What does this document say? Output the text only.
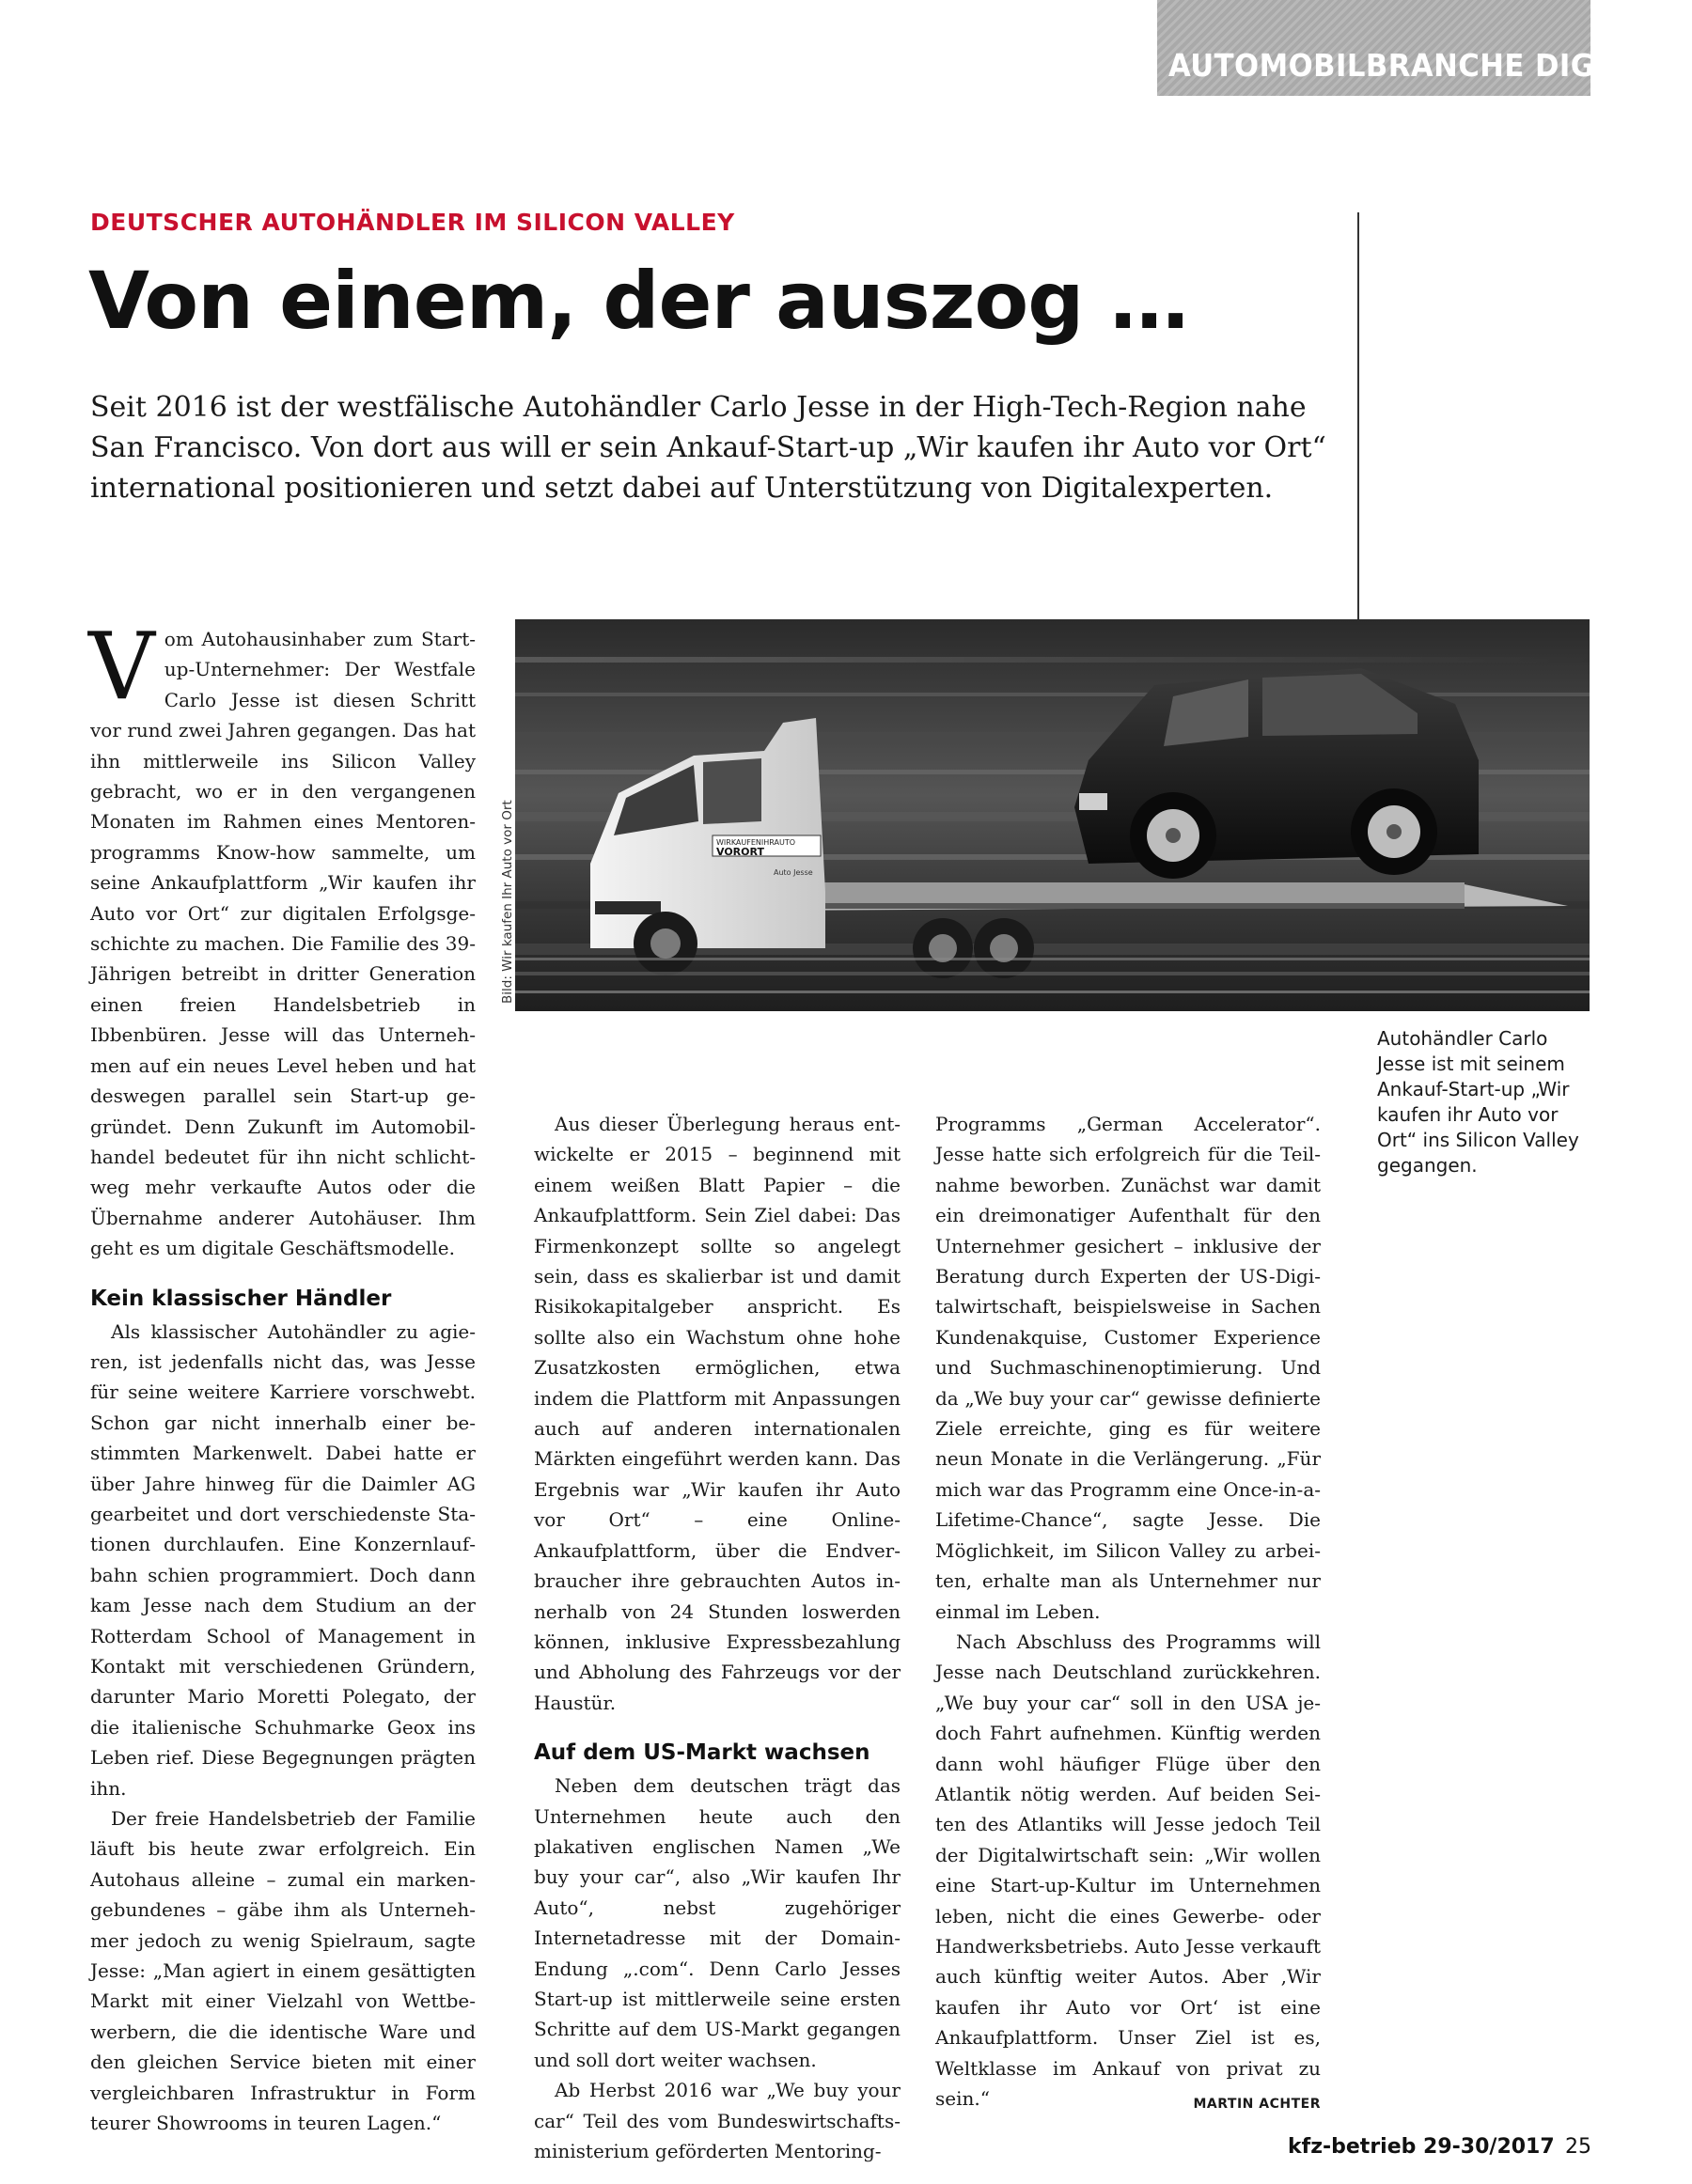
AUTOMOBILBRANCHE DIGITAL
DEUTSCHER AUTOHÄNDLER IM SILICON VALLEY
Von einem, der auszog …
Seit 2016 ist der westfälische Autohändler Carlo Jesse in der High-Tech-Region nahe
San Francisco. Von dort aus will er sein Ankauf-Start-up „Wir kaufen ihr Auto vor Ort“
international positionieren und setzt dabei auf Unterstützung von Digitalexperten.
WIRKAUFENIHRAUTO
VORORT
Auto Jesse
Bild: Wir kaufen Ihr Auto vor Ort
Autohändler Carlo
Jesse ist mit seinem
Ankauf-Start-up „Wir
kaufen ihr Auto vor
Ort“ ins Silicon Valley
gegangen.

Vom Autohausinhaber zum Start-up-Unternehmer: Der Westfale Carlo Jesse ist diesen Schritt vor rund zwei Jahren gegangen. Das hat ihn mittlerweile ins Silicon Valley gebracht, wo er in den vergangenen Monaten im Rahmen eines Mentorenprogramms Know-how sammelte, um seine Ankaufplattform „Wir kaufen ihr Auto vor Ort“ zur digitalen Erfolgsgeschichte zu machen. Die Familie des 39-Jährigen betreibt in dritter Generation einen freien Handelsbetrieb in Ibbenbüren. Jesse will das Unternehmen auf ein neues Level heben und hat deswegen parallel sein Start-up gegründet. Denn Zukunft im Automobilhandel bedeutet für ihn nicht schlichtweg mehr verkaufte Autos oder die Übernahme anderer Autohäuser. Ihm geht es um digitale Geschäftsmodelle.

Kein klassischer Händler

Als klassischer Autohändler zu agieren, ist jedenfalls nicht das, was Jesse für seine weitere Karriere vorschwebt. Schon gar nicht innerhalb einer bestimmten Markenwelt. Dabei hatte er über Jahre hinweg für die Daimler AG gearbeitet und dort verschiedenste Stationen durchlaufen. Eine Konzernlaufbahn schien programmiert. Doch dann kam Jesse nach dem Studium an der Rotterdam School of Management in Kontakt mit verschiedenen Gründern, darunter Mario Moretti Polegato, der die italienische Schuhmarke Geox ins Leben rief. Diese Begegnungen prägten ihn.

Der freie Handelsbetrieb der Familie läuft bis heute zwar erfolgreich. Ein Autohaus alleine – zumal ein markengebundenes – gäbe ihm als Unternehmer jedoch zu wenig Spielraum, sagte Jesse: „Man agiert in einem gesättigten Markt mit einer Vielzahl von Wettbewerbern, die die identische Ware und den gleichen Service bieten mit einer vergleichbaren Infrastruktur in Form teurer Showrooms in teuren Lagen.“

Aus dieser Überlegung heraus entwickelte er 2015 – beginnend mit einem weißen Blatt Papier – die Ankaufplattform. Sein Ziel dabei: Das Firmenkonzept sollte so angelegt sein, dass es skalierbar ist und damit Risikokapitalgeber anspricht. Es sollte also ein Wachstum ohne hohe Zusatzkosten ermöglichen, etwa indem die Plattform mit Anpassungen auch auf anderen internationalen Märkten eingeführt werden kann. Das Ergebnis war „Wir kaufen ihr Auto vor Ort“ – eine Online-Ankaufplattform, über die Endverbraucher ihre gebrauchten Autos innerhalb von 24 Stunden loswerden können, inklusive Expressbezahlung und Abholung des Fahrzeugs vor der Haustür.

Auf dem US-Markt wachsen

Neben dem deutschen trägt das Unternehmen heute auch den plakativen englischen Namen „We buy your car“, also „Wir kaufen Ihr Auto“, nebst zugehöriger Internetadresse mit der Domain-Endung „.com“. Denn Carlo Jesses Start-up ist mittlerweile seine ersten Schritte auf dem US-Markt gegangen und soll dort weiter wachsen.

Ab Herbst 2016 war „We buy your car“ Teil des vom Bundeswirtschaftsministerium geförderten Mentoring-

Programms „German Accelerator“. Jesse hatte sich erfolgreich für die Teilnahme beworben. Zunächst war damit ein dreimonatiger Aufenthalt für den Unternehmer gesichert – inklusive der Beratung durch Experten der US-Digitalwirtschaft, beispielsweise in Sachen Kundenakquise, Customer Experience und Suchmaschinenoptimierung. Und da „We buy your car“ gewisse definierte Ziele erreichte, ging es für weitere neun Monate in die Verlängerung. „Für mich war das Programm eine Once-in-a-Lifetime-Chance“, sagte Jesse. Die Möglichkeit, im Silicon Valley zu arbeiten, erhalte man als Unternehmer nur einmal im Leben.

Nach Abschluss des Programms will Jesse nach Deutschland zurückkehren. „We buy your car“ soll in den USA jedoch Fahrt aufnehmen. Künftig werden dann wohl häufiger Flüge über den Atlantik nötig werden. Auf beiden Seiten des Atlantiks will Jesse jedoch Teil der Digitalwirtschaft sein: „Wir wollen eine Start-up-Kultur im Unternehmen leben, nicht die eines Gewerbe- oder Handwerksbetriebs. Auto Jesse verkauft auch künftig weiter Autos. Aber ‚Wir kaufen ihr Auto vor Ort‘ ist eine Ankaufplattform. Unser Ziel ist es, Weltklasse im Ankauf von privat zu sein.“	MARTIN ACHTER

kfz-betrieb 29-30/2017 25
